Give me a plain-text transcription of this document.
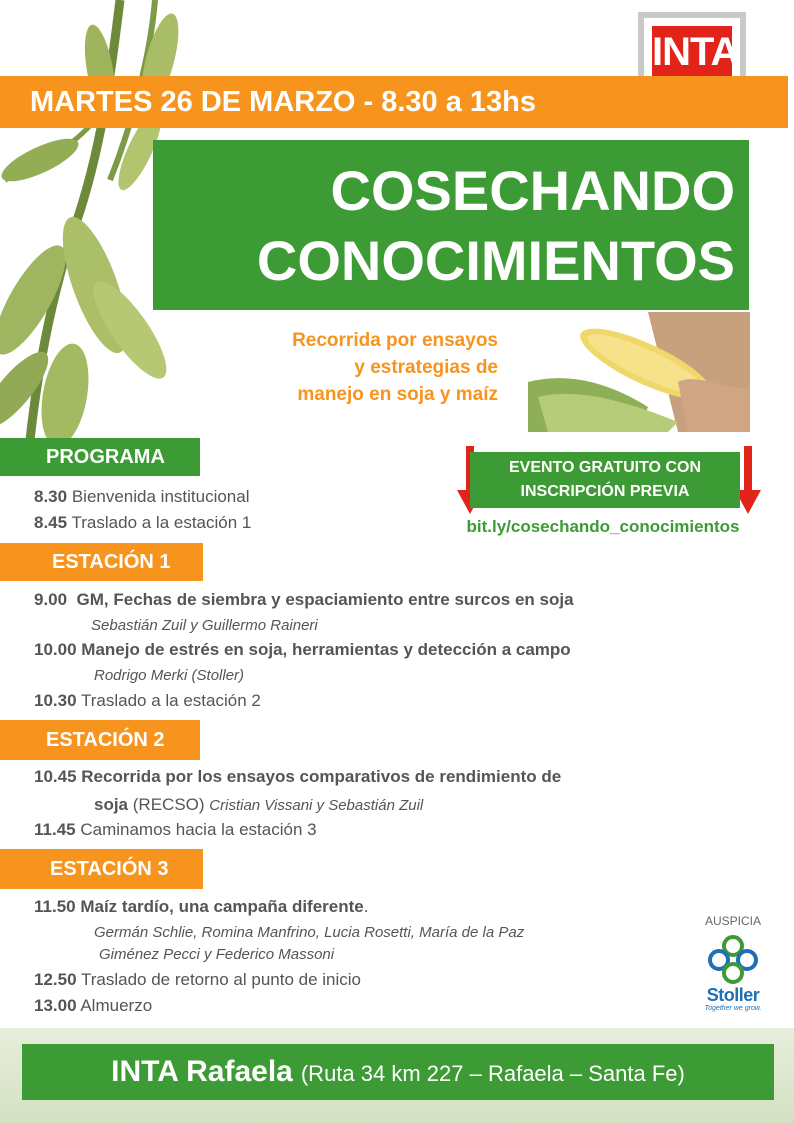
INTA
MARTES 26 DE MARZO - 8.30 a 13hs
COSECHANDO
CONOCIMIENTOS
Recorrida por ensayos
y estrategias de
manejo en soja y maíz
EVENTO GRATUITO CON
INSCRIPCIÓN PREVIA
bit.ly/cosechando_conocimientos
PROGRAMA
8.30 Bienvenida institucional
8.45 Traslado a la estación 1
ESTACIÓN 1
9.00 GM, Fechas de siembra y espaciamiento entre surcos en soja
Sebastián Zuil y Guillermo Raineri
10.00 Manejo de estrés en soja, herramientas y detección a campo
Rodrigo Merki (Stoller)
10.30 Traslado a la estación 2
ESTACIÓN 2
10.45 Recorrida por los ensayos comparativos de rendimiento de
soja (RECSO) Cristian Vissani y Sebastián Zuil
11.45 Caminamos hacia la estación 3
ESTACIÓN 3
11.50 Maíz tardío, una campaña diferente.
Germán Schlie, Romina Manfrino, Lucia Rosetti, María de la Paz
Giménez Pecci y Federico Massoni
12.50 Traslado de retorno al punto de inicio
13.00 Almuerzo
AUSPICIA
Stoller
Together we grow.
INTA Rafaela (Ruta 34 km 227 – Rafaela – Santa Fe)
